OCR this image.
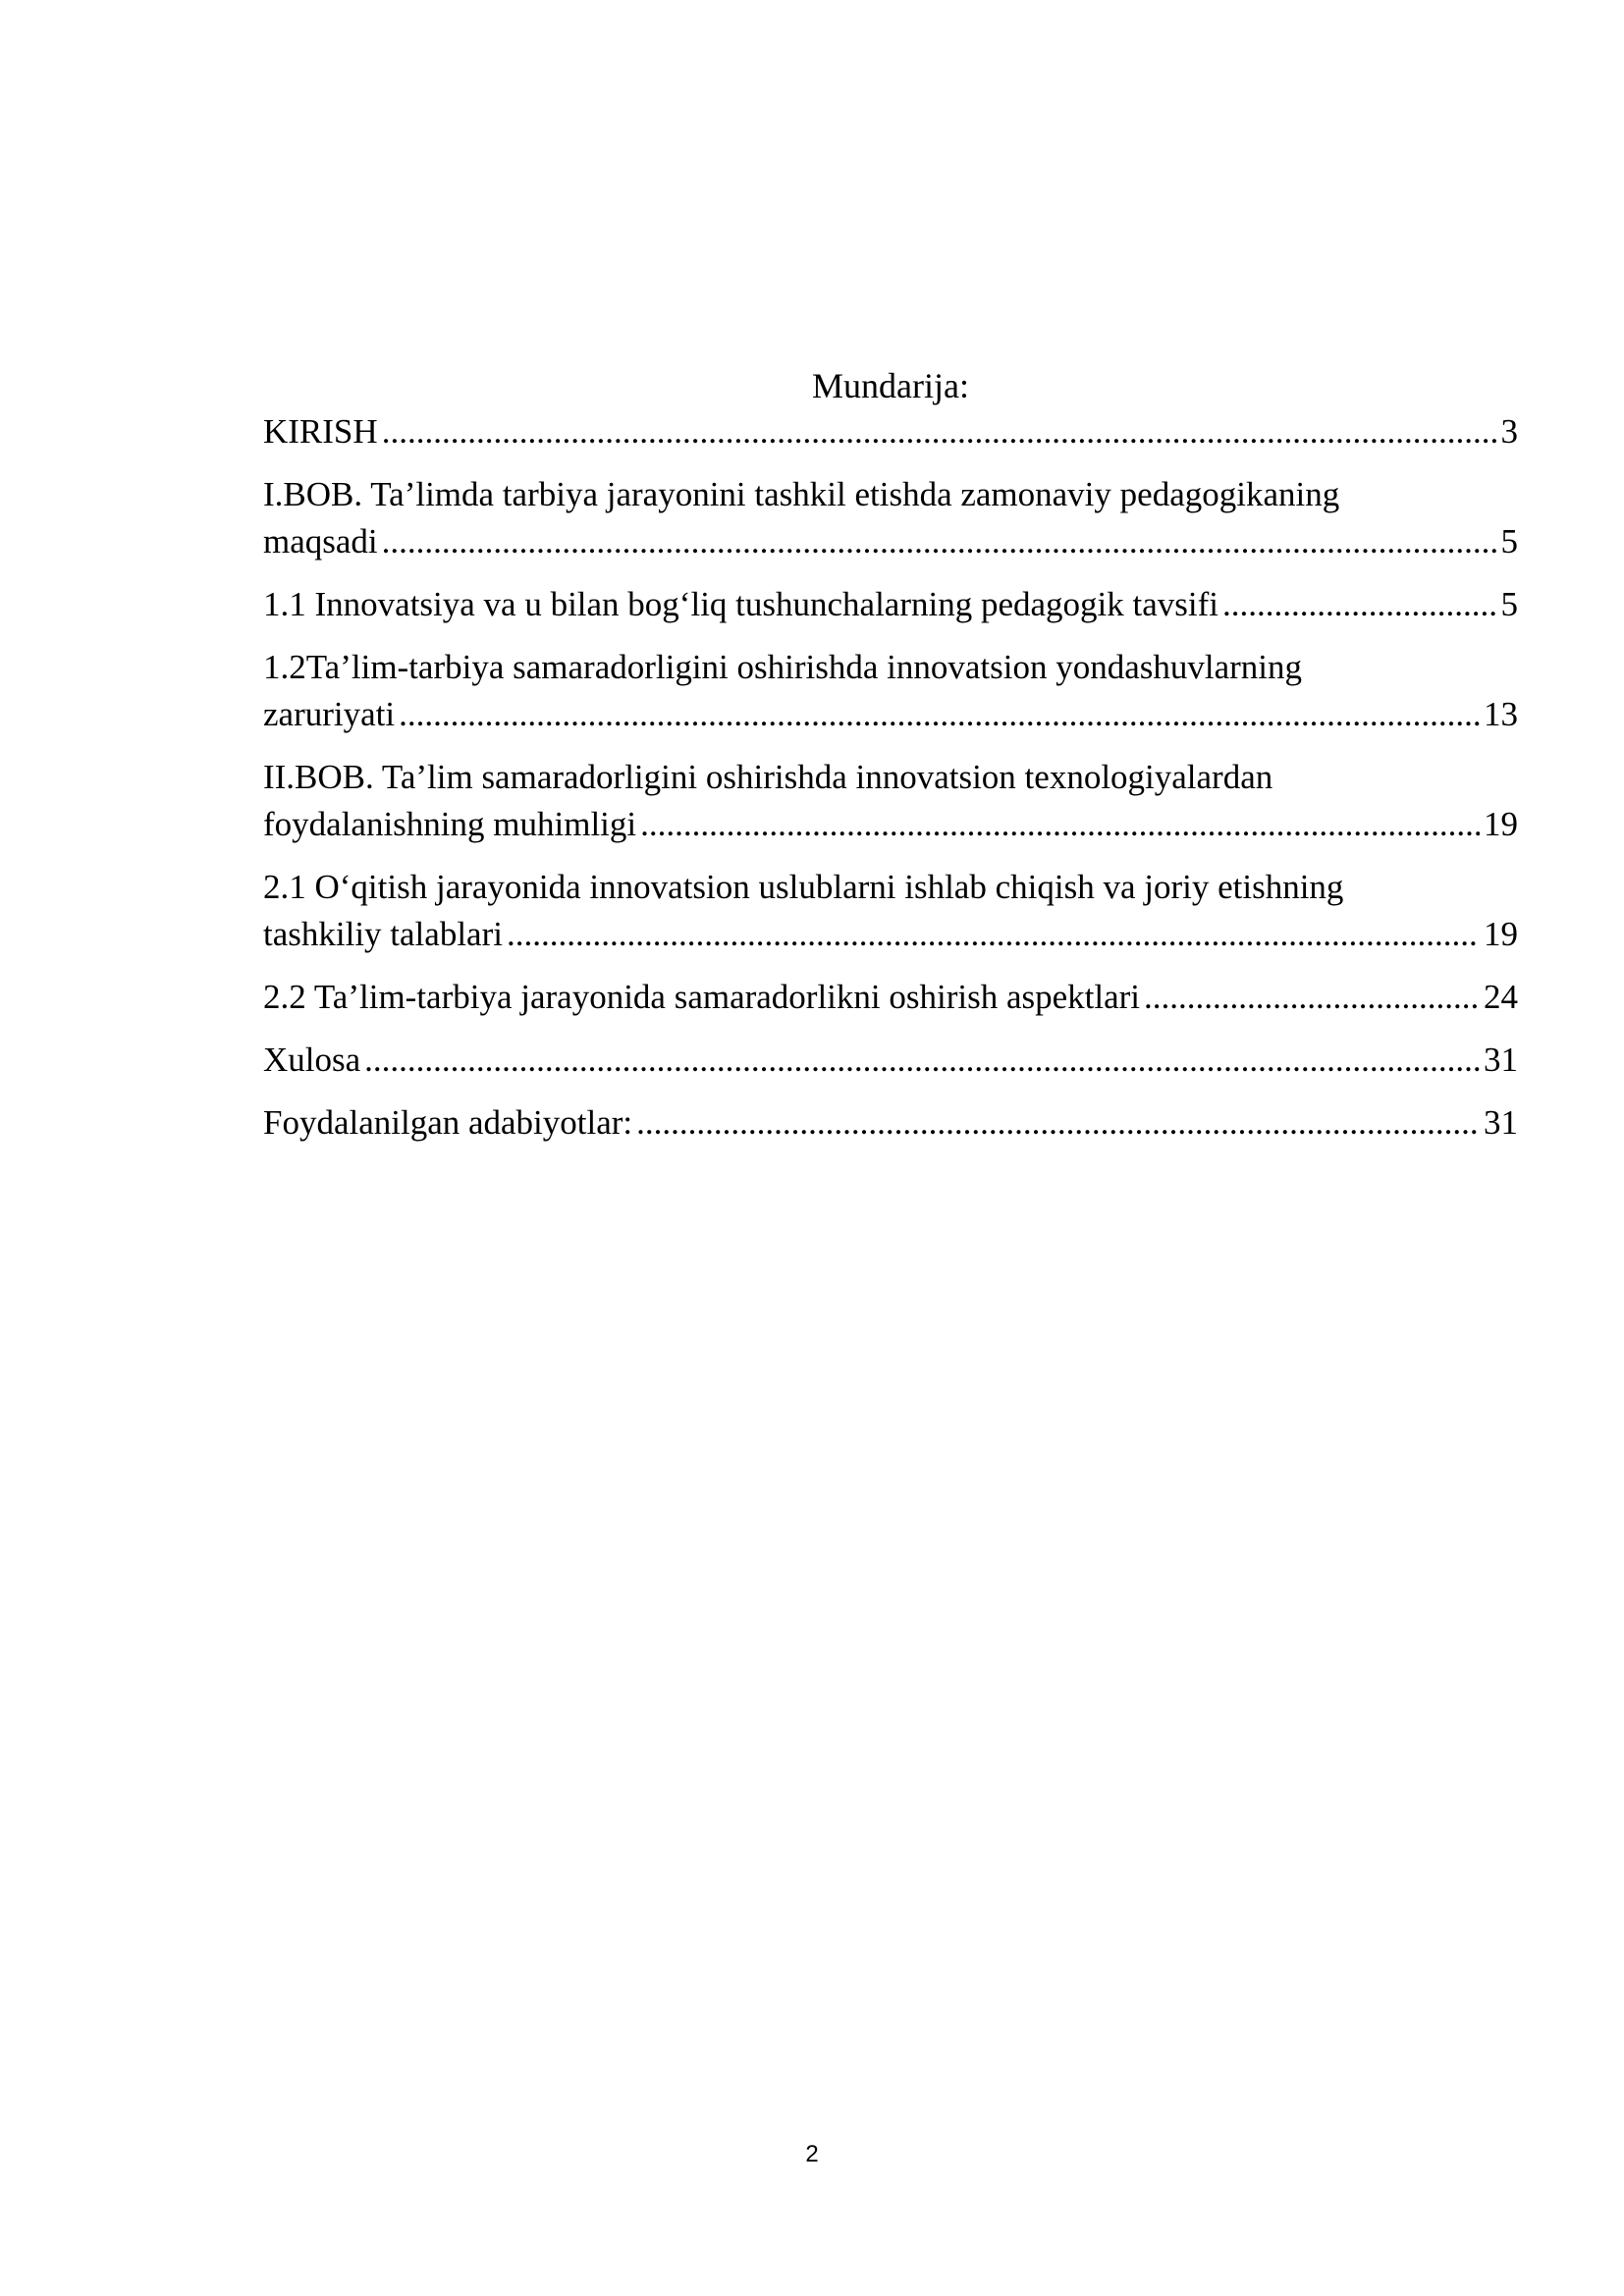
Mundarija:
KIRISH .....	3
I.BOB. Ta’limda tarbiya jarayonini tashkil etishda zamonaviy pedagogikaning
maqsadi .....	5
1.1 Innovatsiya va u bilan bog‘liq tushunchalarning pedagogik tavsifi .....	5
1.2Ta’lim-tarbiya samaradorligini oshirishda innovatsion yondashuvlarning
zaruriyati .....	13
II.BOB. Ta’lim samaradorligini oshirishda innovatsion texnologiyalardan
foydalanishning muhimligi .....	19
2.1 O‘qitish jarayonida innovatsion uslublarni ishlab chiqish va joriy etishning
tashkiliy talablari .....	19
2.2 Ta’lim-tarbiya jarayonida samaradorlikni oshirish aspektlari .....	24
Xulosa .....	31
Foydalanilgan adabiyotlar: .....	31
2
